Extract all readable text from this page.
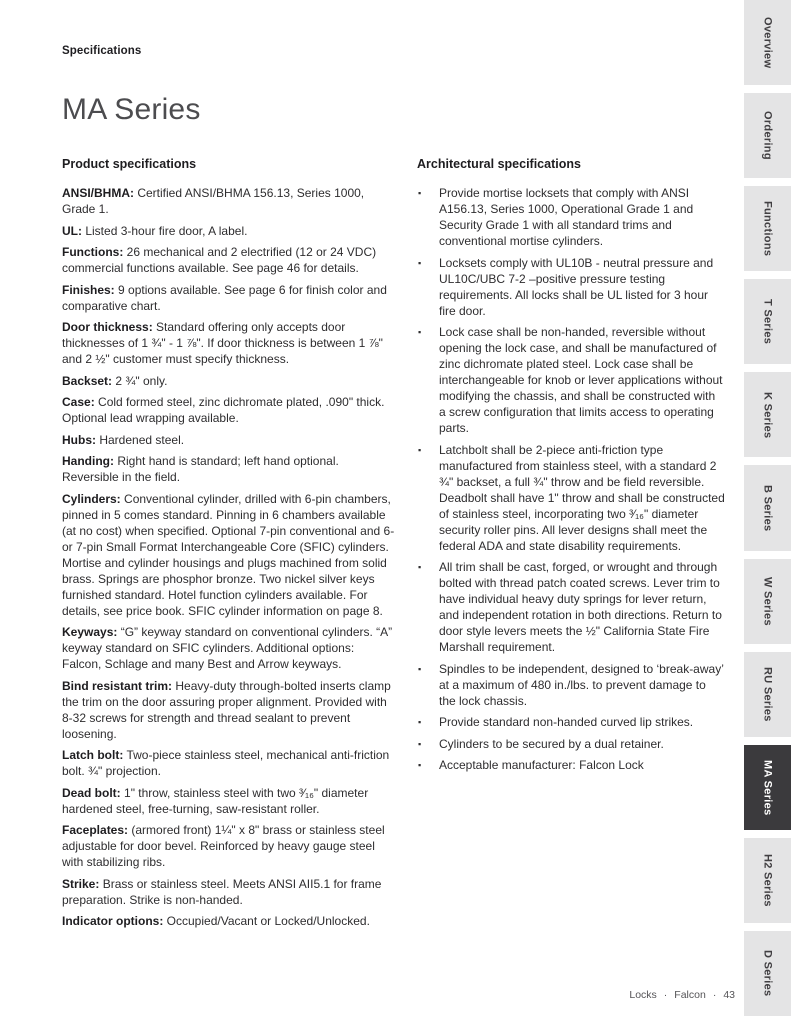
Specifications
MA Series
Product specifications

ANSI/BHMA: Certified ANSI/BHMA 156.13, Series 1000, Grade 1.

UL: Listed 3-hour fire door, A label.

Functions: 26 mechanical and 2 electrified (12 or 24 VDC) commercial functions available. See page 46 for details.

Finishes: 9 options available. See page 6 for finish color and comparative chart.

Door thickness: Standard offering only accepts door thicknesses of 1 ¾" - 1 ⅞". If door thickness is between 1 ⅞" and 2 ½" customer must specify thickness.

Backset: 2 ¾" only.

Case: Cold formed steel, zinc dichromate plated, .090" thick. Optional lead wrapping available.

Hubs: Hardened steel.

Handing: Right hand is standard; left hand optional. Reversible in the field.

Cylinders: Conventional cylinder, drilled with 6-pin chambers, pinned in 5 comes standard. Pinning in 6 chambers available (at no cost) when specified. Optional 7-pin conventional and 6- or 7-pin Small Format Interchangeable Core (SFIC) cylinders. Mortise and cylinder housings and plugs machined from solid brass. Springs are phosphor bronze. Two nickel silver keys furnished standard. Hotel function cylinders available. For details, see price book. SFIC cylinder information on page 8.

Keyways: “G” keyway standard on conventional cylinders. “A” keyway standard on SFIC cylinders. Additional options: Falcon, Schlage and many Best and Arrow keyways.

Bind resistant trim: Heavy-duty through-bolted inserts clamp the trim on the door assuring proper alignment. Provided with 8-32 screws for strength and thread sealant to prevent loosening.

Latch bolt: Two-piece stainless steel, mechanical anti-friction bolt. ¾" projection.

Dead bolt: 1" throw, stainless steel with two ³⁄₁₆" diameter hardened steel, free-turning, saw-resistant roller.

Faceplates: (armored front) 1¼" x 8" brass or stainless steel adjustable for door bevel. Reinforced by heavy gauge steel with stabilizing ribs.

Strike: Brass or stainless steel. Meets ANSI AII5.1 for frame preparation. Strike is non-handed.

Indicator options: Occupied/Vacant or Locked/Unlocked.

Architectural specifications
▪ Provide mortise locksets that comply with ANSI A156.13, Series 1000, Operational Grade 1 and Security Grade 1 with all standard trims and conventional mortise cylinders.
▪ Locksets comply with UL10B - neutral pressure and UL10C/UBC 7-2 –positive pressure testing requirements. All locks shall be UL listed for 3 hour fire door.
▪ Lock case shall be non-handed, reversible without opening the lock case, and shall be manufactured of zinc dichromate plated steel. Lock case shall be interchangeable for knob or lever applications without modifying the chassis, and shall be constructed with a screw configuration that limits access to operating parts.
▪ Latchbolt shall be 2-piece anti-friction type manufactured from stainless steel, with a standard 2 ¾" backset, a full ¾" throw and be field reversible. Deadbolt shall have 1" throw and shall be constructed of stainless steel, incorporating two ³⁄₁₆" diameter security roller pins. All lever designs shall meet the federal ADA and state disability requirements.
▪ All trim shall be cast, forged, or wrought and through bolted with thread patch coated screws. Lever trim to have individual heavy duty springs for lever return, and independent rotation in both directions. Return to door style levers meets the ½" California State Fire Marshall requirement.
▪ Spindles to be independent, designed to ‘break-away’ at a maximum of 480 in./lbs. to prevent damage to the lock chassis.
▪ Provide standard non-handed curved lip strikes.
▪ Cylinders to be secured by a dual retainer.
▪ Acceptable manufacturer: Falcon Lock
Locks · Falcon · 43
Overview
Ordering
Functions
T Series
K Series
B Series
W Series
RU Series
MA Series
H2 Series
D Series
